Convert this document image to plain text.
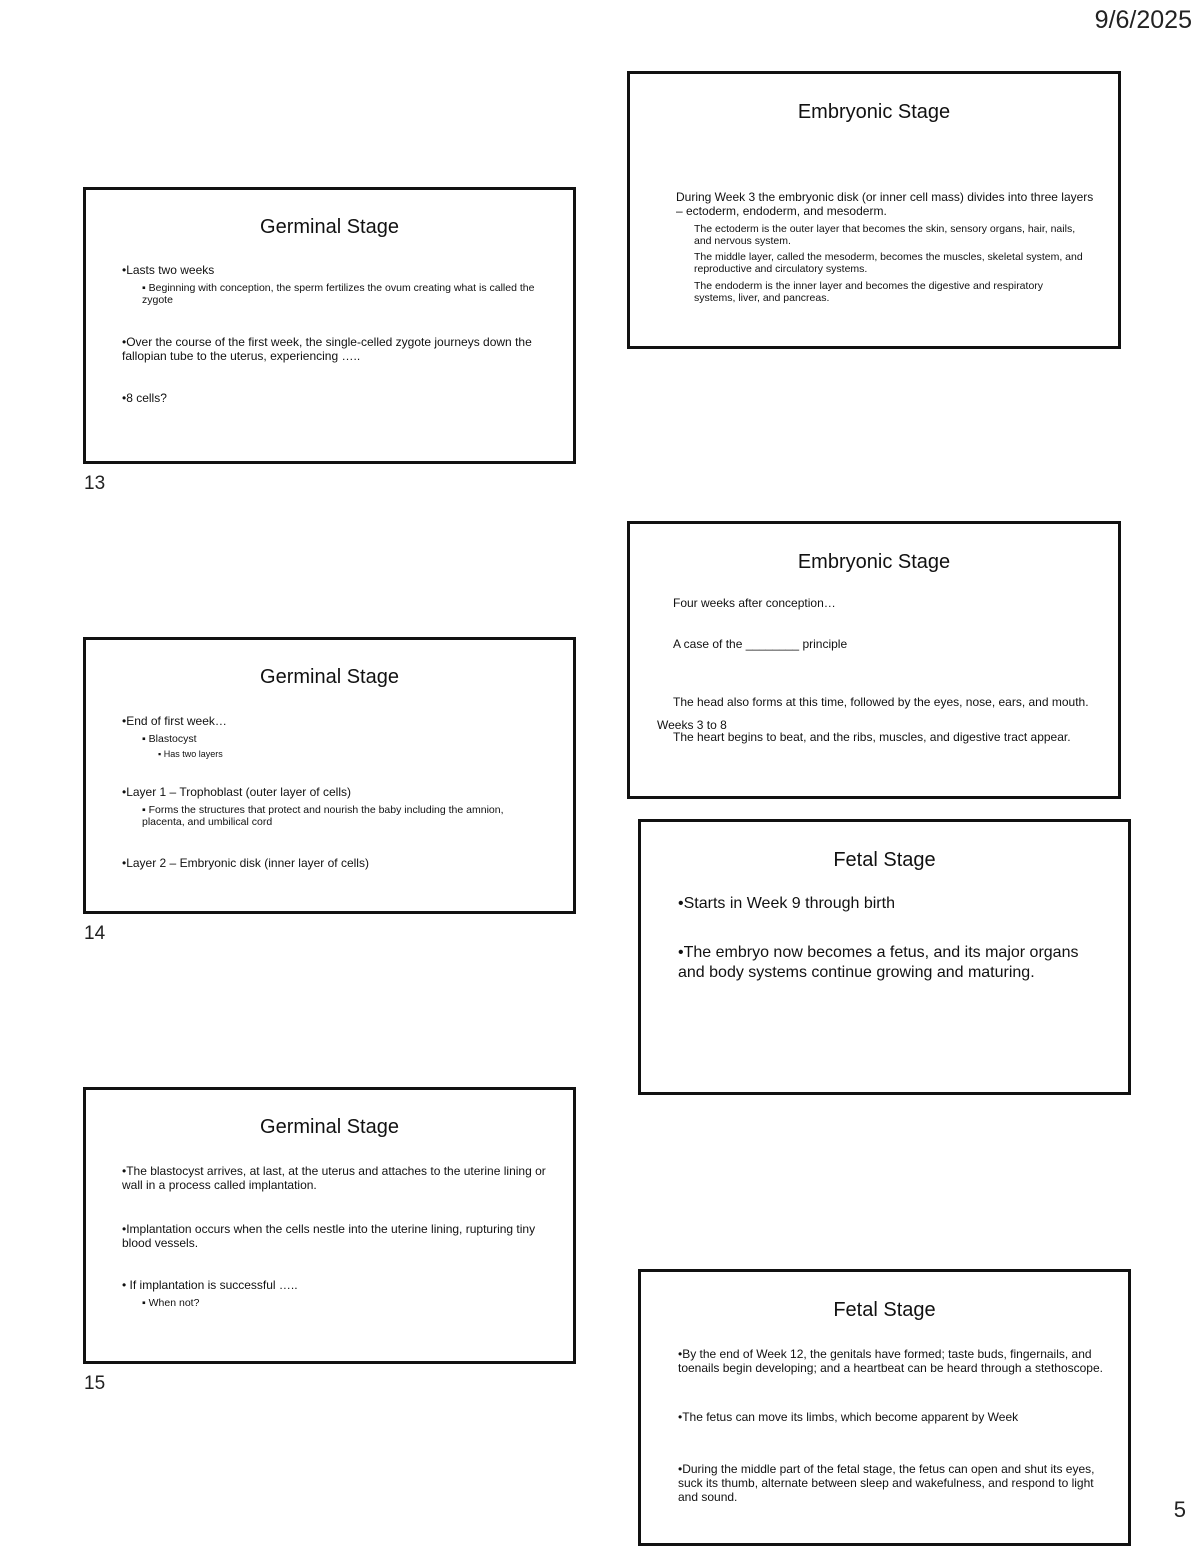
9/6/2025
5
Germinal Stage
•Lasts two weeks
▪ Beginning with conception, the sperm fertilizes the ovum creating what is called the zygote
•Over the course of the first week, the single-celled zygote journeys down the fallopian tube to the uterus, experiencing …..
•8 cells?
13
Germinal Stage
•End of first week…
▪ Blastocyst
▪ Has two layers
•Layer 1 – Trophoblast (outer layer of cells)
▪ Forms the structures that protect and nourish the baby including the amnion, placenta, and umbilical cord
•Layer 2 – Embryonic disk (inner layer of cells)
14
Germinal Stage
•The blastocyst arrives, at last, at the uterus and attaches to the uterine lining or wall in a process called implantation.
•Implantation occurs when the cells nestle into the uterine lining, rupturing tiny blood vessels.
• If implantation is successful …..
▪ When not?
15
Embryonic Stage
During Week 3 the embryonic disk (or inner cell mass) divides into three layers – ectoderm, endoderm, and mesoderm.
The ectoderm is the outer layer that becomes the skin, sensory organs, hair, nails, and nervous system.
The middle layer, called the mesoderm, becomes the muscles, skeletal system, and reproductive and circulatory systems.
The endoderm is the inner layer and becomes the digestive and respiratory systems, liver, and pancreas.
Embryonic Stage
Four weeks after conception…
A case of the ________ principle
The head also forms at this time, followed by the eyes, nose, ears, and mouth.
Weeks 3 to 8
The heart begins to beat, and the ribs, muscles, and digestive tract appear.
Fetal Stage
•Starts in Week 9 through birth
•The embryo now becomes a fetus, and its major organs and body systems continue growing and maturing.
Fetal Stage
•By the end of Week 12, the genitals have formed; taste buds, fingernails, and toenails begin developing; and a heartbeat can be heard through a stethoscope.
•The fetus can move its limbs, which become apparent by Week
•During the middle part of the fetal stage, the fetus can open and shut its eyes, suck its thumb, alternate between sleep and wakefulness, and respond to light and sound.
